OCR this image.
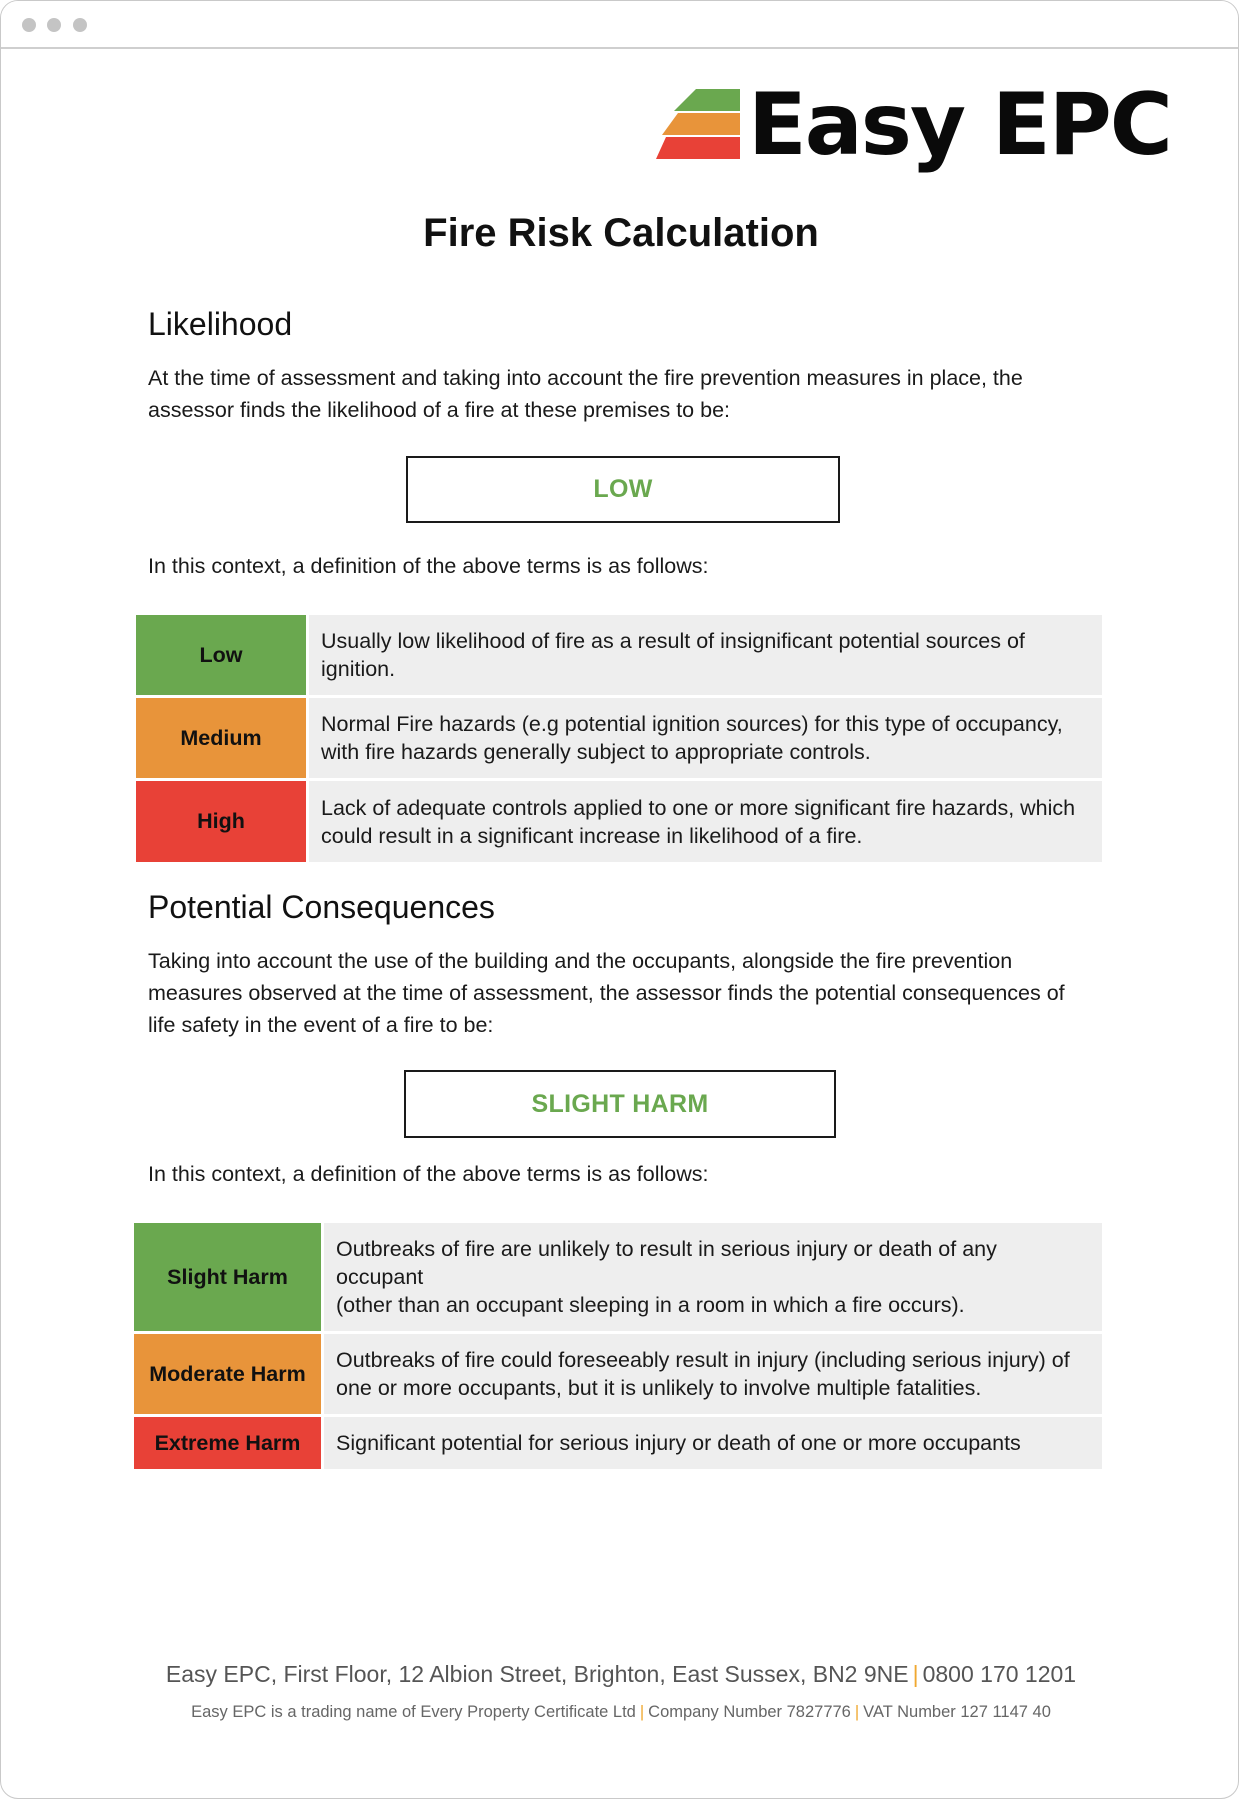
Easy EPC
Fire Risk Calculation
Likelihood
At the time of assessment and taking into account the fire prevention measures in place, the assessor finds the likelihood of a fire at these premises to be:
LOW
In this context, a definition of the above terms is as follows:
Low
Usually low likelihood of fire as a result of insignificant potential sources of ignition.
Medium
Normal Fire hazards (e.g potential ignition sources) for this type of occupancy, with fire hazards generally subject to appropriate controls.
High
Lack of adequate controls applied to one or more significant fire hazards, which could result in a significant increase in likelihood of a fire.
Potential Consequences
Taking into account the use of the building and the occupants, alongside the fire prevention measures observed at the time of assessment, the assessor finds the potential consequences of life safety in the event of a fire to be:
SLIGHT HARM
In this context, a definition of the above terms is as follows:
Slight Harm
Outbreaks of fire are unlikely to result in serious injury or death of any occupant
(other than an occupant sleeping in a room in which a fire occurs).
Moderate Harm
Outbreaks of fire could foreseeably result in injury (including serious injury) of one or more occupants, but it is unlikely to involve multiple fatalities.
Extreme Harm	Significant potential for serious injury or death of one or more occupants
Easy EPC, First Floor, 12 Albion Street, Brighton, East Sussex, BN2 9NE | 0800 170 1201
Easy EPC is a trading name of Every Property Certificate Ltd | Company Number 7827776 | VAT Number 127 1147 40
